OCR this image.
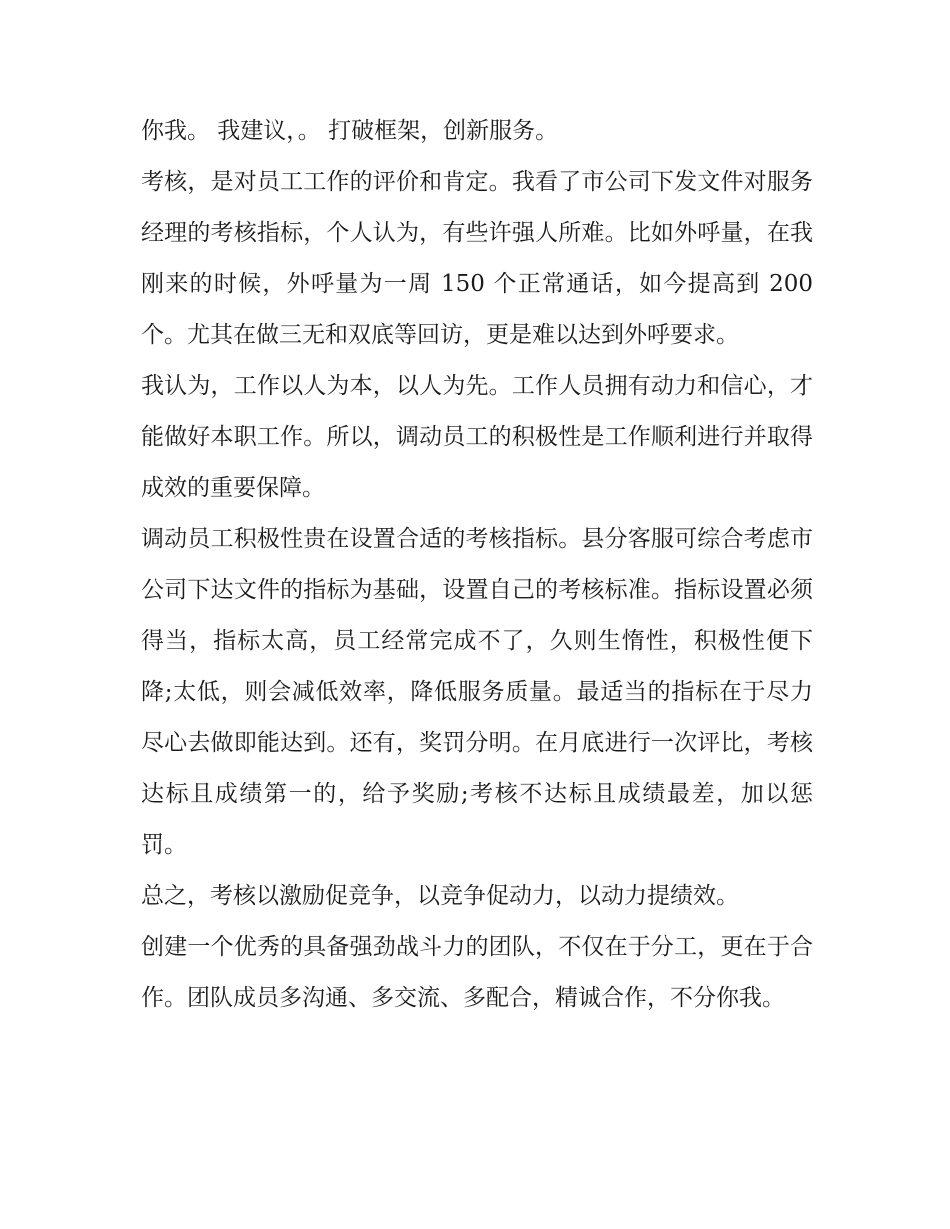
你我。 我建议，。 打破框架，创新服务。

考核，是对员工工作的评价和肯定。我看了市公司下发文件对服务经理的考核指标，个人认为，有些许强人所难。比如外呼量，在我刚来的时候，外呼量为一周 150 个正常通话，如今提高到 200 个。尤其在做三无和双底等回访，更是难以达到外呼要求。

我认为，工作以人为本，以人为先。工作人员拥有动力和信心，才能做好本职工作。所以，调动员工的积极性是工作顺利进行并取得成效的重要保障。

调动员工积极性贵在设置合适的考核指标。县分客服可综合考虑市公司下达文件的指标为基础，设置自己的考核标准。指标设置必须得当，指标太高，员工经常完成不了，久则生惰性，积极性便下降;太低，则会减低效率，降低服务质量。最适当的指标在于尽力尽心去做即能达到。还有，奖罚分明。在月底进行一次评比，考核达标且成绩第一的，给予奖励;考核不达标且成绩最差，加以惩罚。

总之，考核以激励促竞争，以竞争促动力，以动力提绩效。

创建一个优秀的具备强劲战斗力的团队，不仅在于分工，更在于合作。团队成员多沟通、多交流、多配合，精诚合作，不分你我。
